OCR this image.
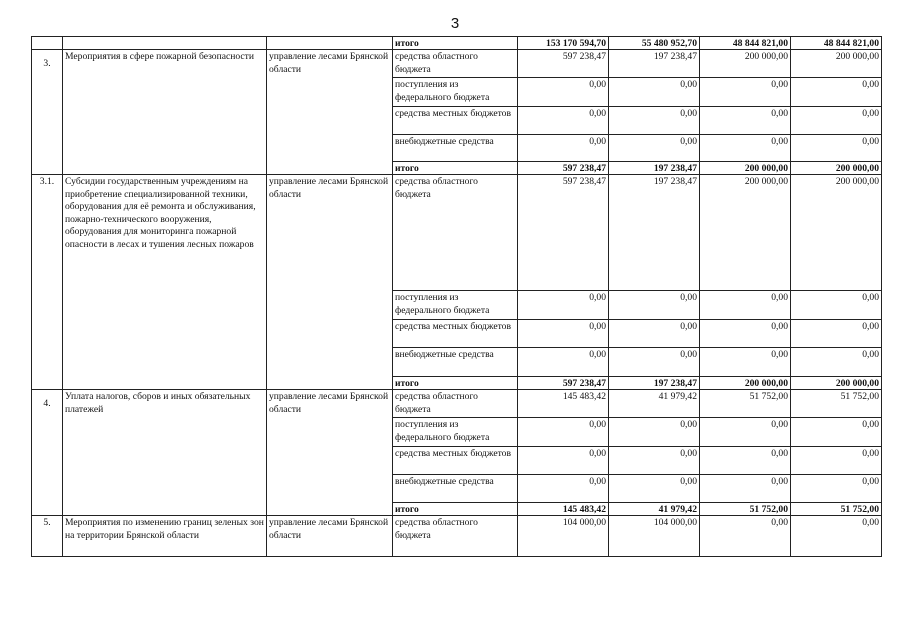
3
			итого	153 170 594,70	55 480 952,70	48 844 821,00	48 844 821,00
3.	Мероприятия в сфере пожарной безопасности	управление лесами Брянской области	средства областного бюджета	597 238,47	197 238,47	200 000,00	200 000,00
			поступления из федерального бюджета	0,00	0,00	0,00	0,00
			средства местных бюджетов	0,00	0,00	0,00	0,00
			внебюджетные средства	0,00	0,00	0,00	0,00
			итого	597 238,47	197 238,47	200 000,00	200 000,00
3.1.	Субсидии государственным учреждениям на приобретение специализированной техники, оборудования для её ремонта и обслуживания, пожарно-технического вооружения, оборудования для мониторинга пожарной опасности в лесах и тушения лесных пожаров	управление лесами Брянской области	средства областного бюджета	597 238,47	197 238,47	200 000,00	200 000,00
			поступления из федерального бюджета	0,00	0,00	0,00	0,00
			средства местных бюджетов	0,00	0,00	0,00	0,00
			внебюджетные средства	0,00	0,00	0,00	0,00
			итого	597 238,47	197 238,47	200 000,00	200 000,00
4.	Уплата налогов, сборов и иных обязательных платежей	управление лесами Брянской области	средства областного бюджета	145 483,42	41 979,42	51 752,00	51 752,00
			поступления из федерального бюджета	0,00	0,00	0,00	0,00
			средства местных бюджетов	0,00	0,00	0,00	0,00
			внебюджетные средства	0,00	0,00	0,00	0,00
			итого	145 483,42	41 979,42	51 752,00	51 752,00
5.	Мероприятия по изменению границ зеленых зон на территории Брянской области	управление лесами Брянской области	средства областного бюджета	104 000,00	104 000,00	0,00	0,00
